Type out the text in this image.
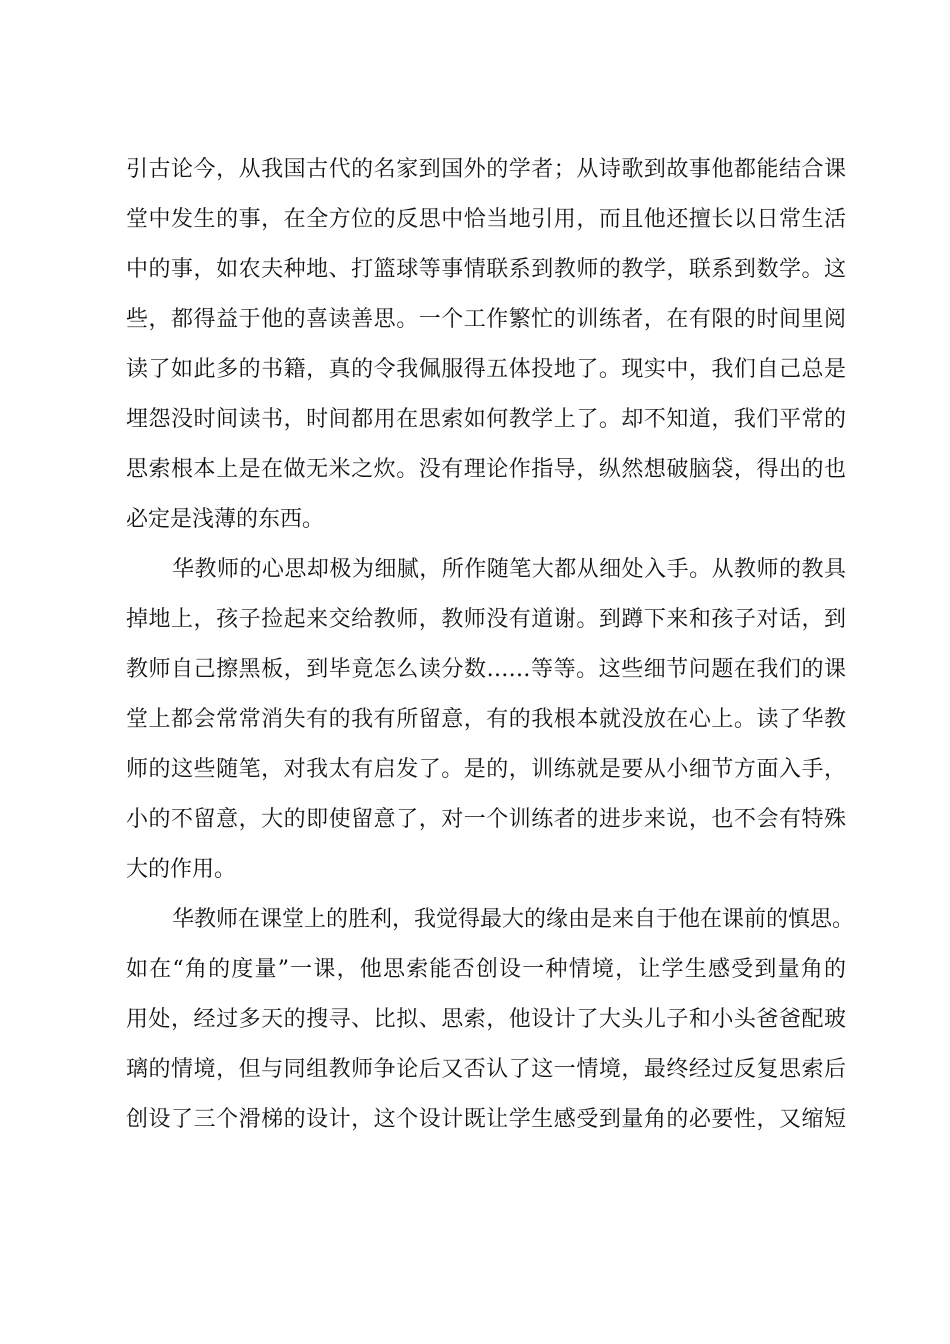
引古论今，从我国古代的名家到国外的学者；从诗歌到故事他都能结合课
堂中发生的事，在全方位的反思中恰当地引用，而且他还擅长以日常生活
中的事，如农夫种地、打篮球等事情联系到教师的教学，联系到数学。这
些，都得益于他的喜读善思。一个工作繁忙的训练者，在有限的时间里阅
读了如此多的书籍，真的令我佩服得五体投地了。现实中，我们自己总是
埋怨没时间读书，时间都用在思索如何教学上了。却不知道，我们平常的
思索根本上是在做无米之炊。没有理论作指导，纵然想破脑袋，得出的也
必定是浅薄的东西。
华教师的心思却极为细腻，所作随笔大都从细处入手。从教师的教具
掉地上，孩子捡起来交给教师，教师没有道谢。到蹲下来和孩子对话，到
教师自己擦黑板，到毕竟怎么读分数……等等。这些细节问题在我们的课
堂上都会常常消失有的我有所留意，有的我根本就没放在心上。读了华教
师的这些随笔，对我太有启发了。是的，训练就是要从小细节方面入手，
小的不留意，大的即使留意了，对一个训练者的进步来说，也不会有特殊
大的作用。
华教师在课堂上的胜利，我觉得最大的缘由是来自于他在课前的慎思。
如在“角的度量”一课，他思索能否创设一种情境，让学生感受到量角的
用处，经过多天的搜寻、比拟、思索，他设计了大头儿子和小头爸爸配玻
璃的情境，但与同组教师争论后又否认了这一情境，最终经过反复思索后
创设了三个滑梯的设计，这个设计既让学生感受到量角的必要性，又缩短
